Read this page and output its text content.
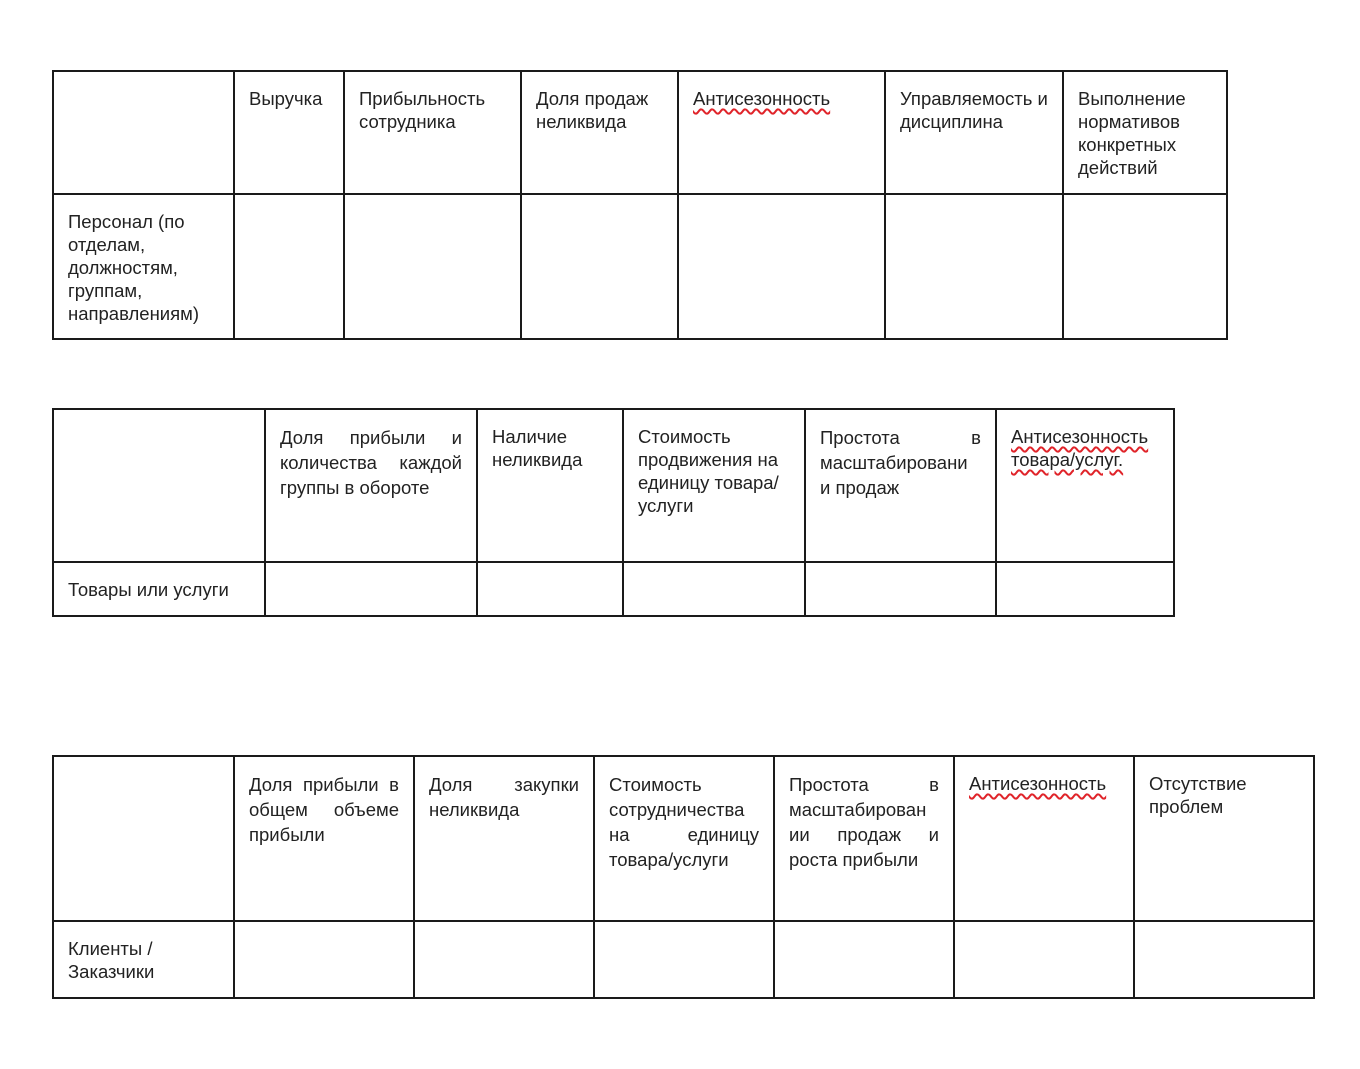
	Выручка	Прибыльность сотрудника	Доля продаж неликвида	Антисезонность	Управляемость и дисциплина	Выполнение нормативов конкретных действий
Персонал (по отделам, должностям, группам, направлениям)						
	Доля прибыли и количества каждой группы в обороте	Наличие неликвида	Стоимость продвижения на единицу товара/услуги	Простота в масштабировани и продаж	Антисезонность товара/услуг.
Товары или услуги					
	Доля прибыли в общем объеме прибыли	Доля закупки неликвида	Стоимость сотрудничества на единицу товара/услуги	Простота в масштабирован ии продаж и роста прибыли	Антисезонность	Отсутствие проблем
Клиенты / Заказчики						
